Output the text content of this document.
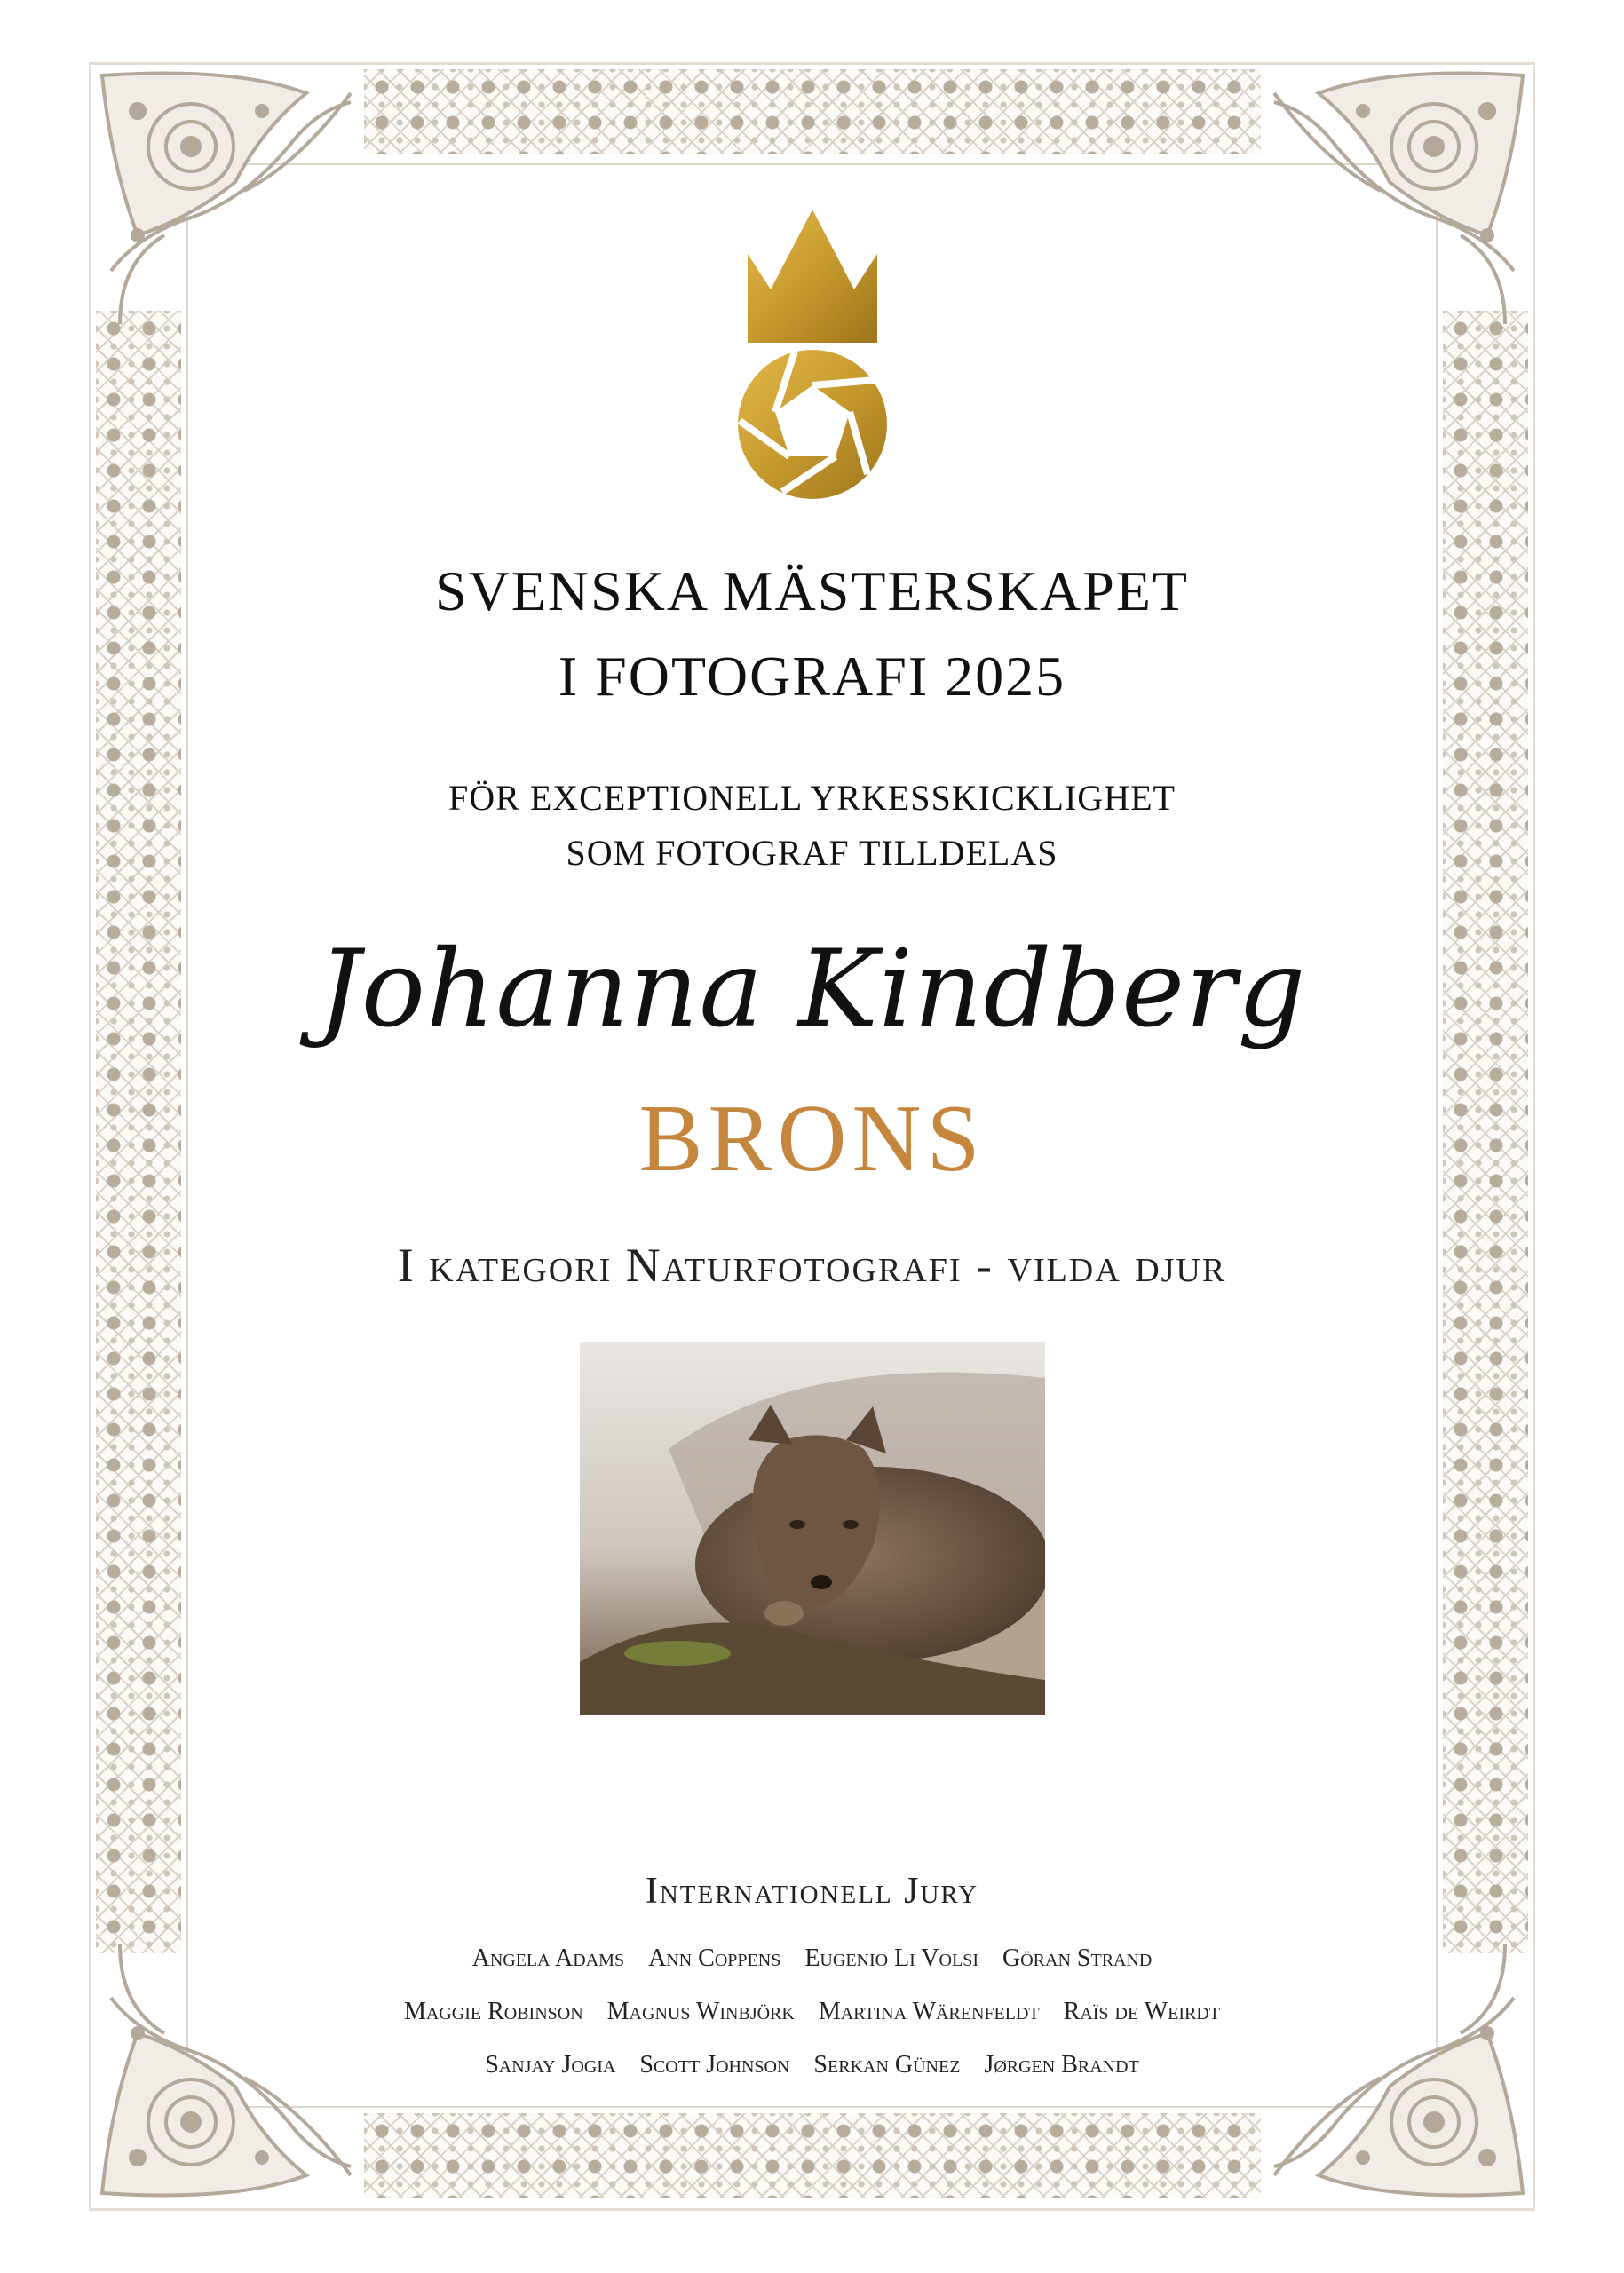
SVENSKA MÄSTERSKAPET
I FOTOGRAFI 2025
FÖR EXCEPTIONELL YRKESSKICKLIGHET
SOM FOTOGRAF TILLDELAS
Johanna Kindberg
BRONS
I kategori Naturfotografi - vilda djur
Internationell Jury
Angela Adams Ann Coppens Eugenio Li Volsi Göran Strand
Maggie Robinson Magnus Winbjörk Martina Wärenfeldt Raïs de Weirdt
Sanjay Jogia Scott Johnson Serkan Günez Jørgen Brandt
